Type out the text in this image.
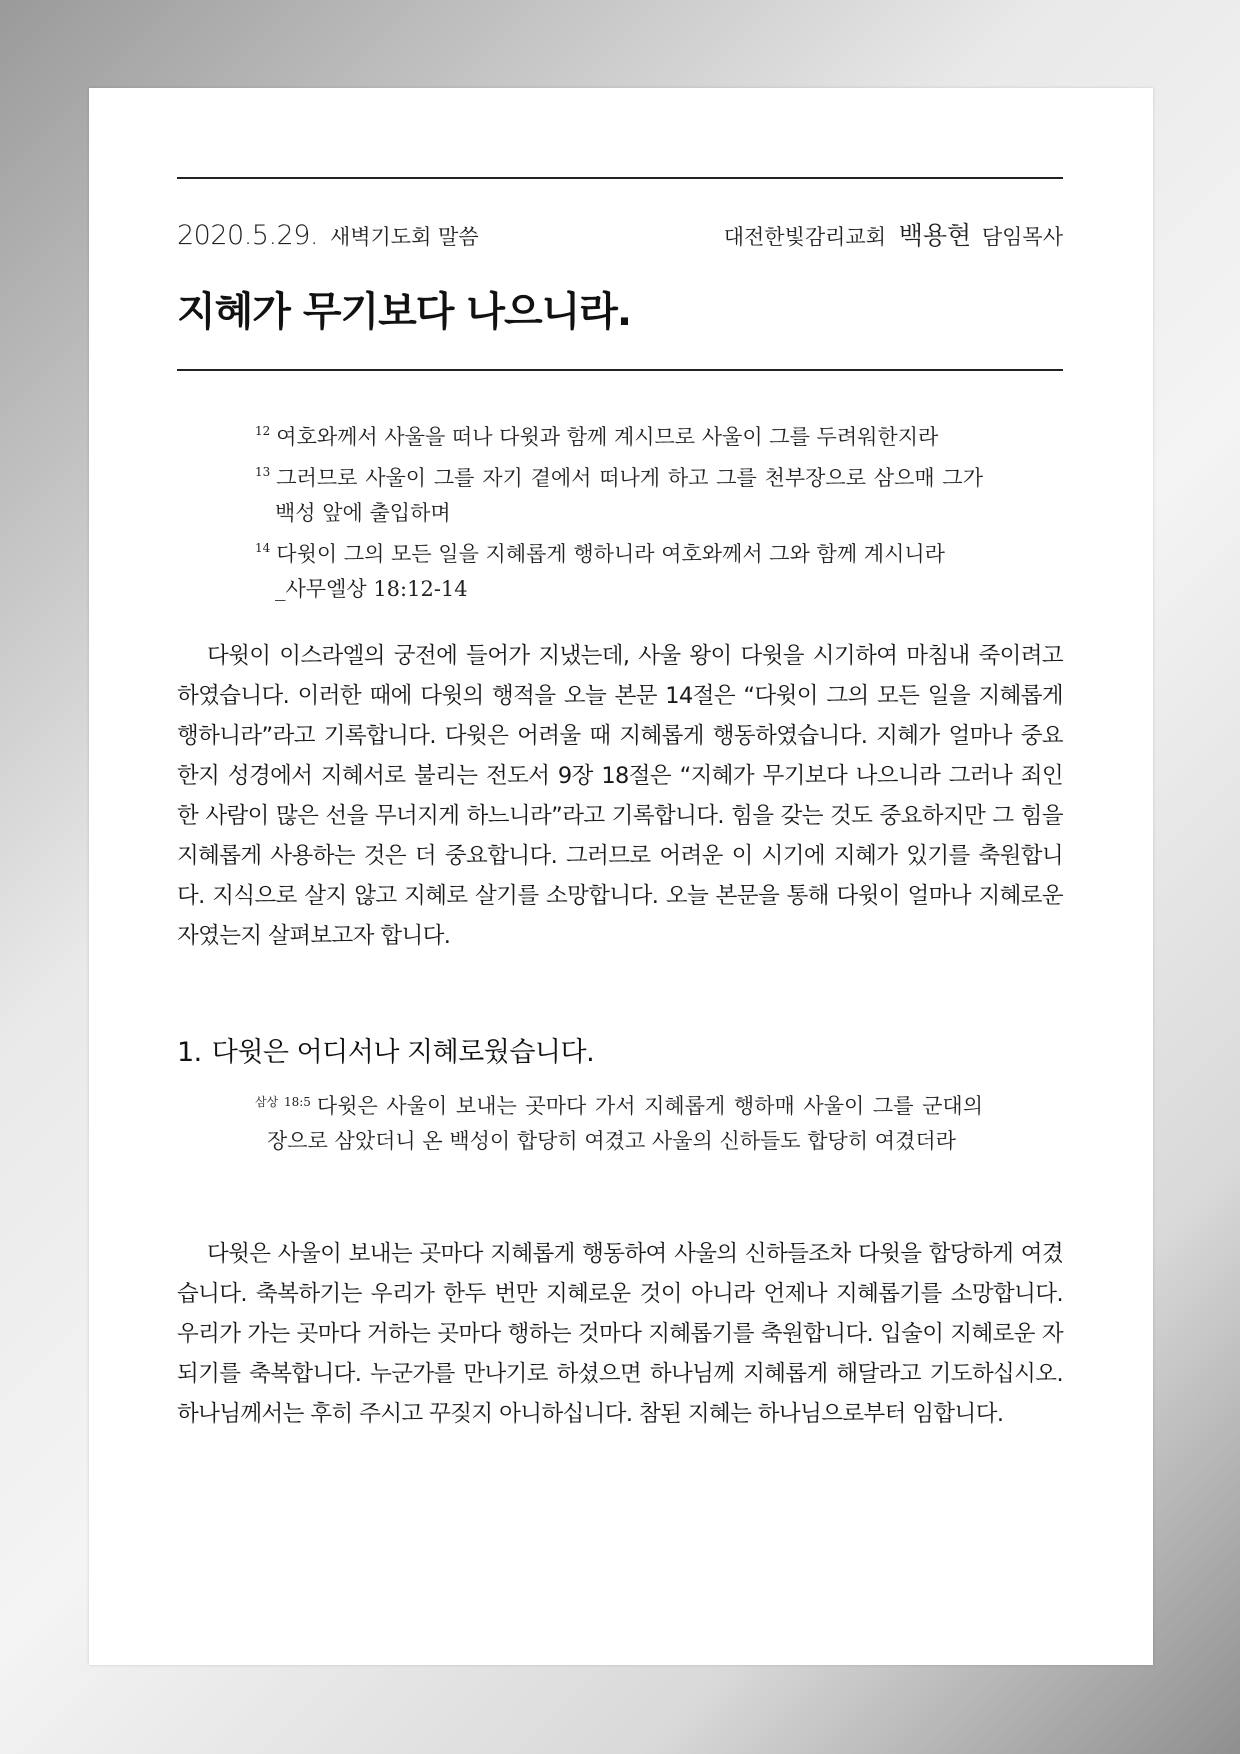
2020.5.29. 새벽기도회 말씀	대전한빛감리교회 백용현 담임목사
지혜가 무기보다 나으니라.
$^{12}$ 여호와께서 사울을 떠나 다윗과 함께 계시므로 사울이 그를 두려워한지라
$^{13}$ 그러므로 사울이 그를 자기 곁에서 떠나게 하고 그를 천부장으로 삼으매 그가 백성 앞에 출입하며
$^{14}$ 다윗이 그의 모든 일을 지혜롭게 행하니라 여호와께서 그와 함께 계시니라
_사무엘상 18:12-14

다윗이 이스라엘의 궁전에 들어가 지냈는데, 사울 왕이 다윗을 시기하여 마침내 죽이려고 하였습니다. 이러한 때에 다윗의 행적을 오늘 본문 14절은 “다윗이 그의 모든 일을 지혜롭게 행하니라”라고 기록합니다. 다윗은 어려울 때 지혜롭게 행동하였습니다. 지혜가 얼마나 중요한지 성경에서 지혜서로 불리는 전도서 9장 18절은 “지혜가 무기보다 나으니라 그러나 죄인 한 사람이 많은 선을 무너지게 하느니라”라고 기록합니다. 힘을 갖는 것도 중요하지만 그 힘을 지혜롭게 사용하는 것은 더 중요합니다. 그러므로 어려운 이 시기에 지혜가 있기를 축원합니다. 지식으로 살지 않고 지혜로 살기를 소망합니다. 오늘 본문을 통해 다윗이 얼마나 지혜로운 자였는지 살펴보고자 합니다.

1. 다윗은 어디서나 지혜로웠습니다.
$^{삼상 18:5}$ 다윗은 사울이 보내는 곳마다 가서 지혜롭게 행하매 사울이 그를 군대의 장으로 삼았더니 온 백성이 합당히 여겼고 사울의 신하들도 합당히 여겼더라

다윗은 사울이 보내는 곳마다 지혜롭게 행동하여 사울의 신하들조차 다윗을 합당하게 여겼습니다. 축복하기는 우리가 한두 번만 지혜로운 것이 아니라 언제나 지혜롭기를 소망합니다. 우리가 가는 곳마다 거하는 곳마다 행하는 것마다 지혜롭기를 축원합니다. 입술이 지혜로운 자 되기를 축복합니다. 누군가를 만나기로 하셨으면 하나님께 지혜롭게 해달라고 기도하십시오. 하나님께서는 후히 주시고 꾸짖지 아니하십니다. 참된 지혜는 하나님으로부터 임합니다.
